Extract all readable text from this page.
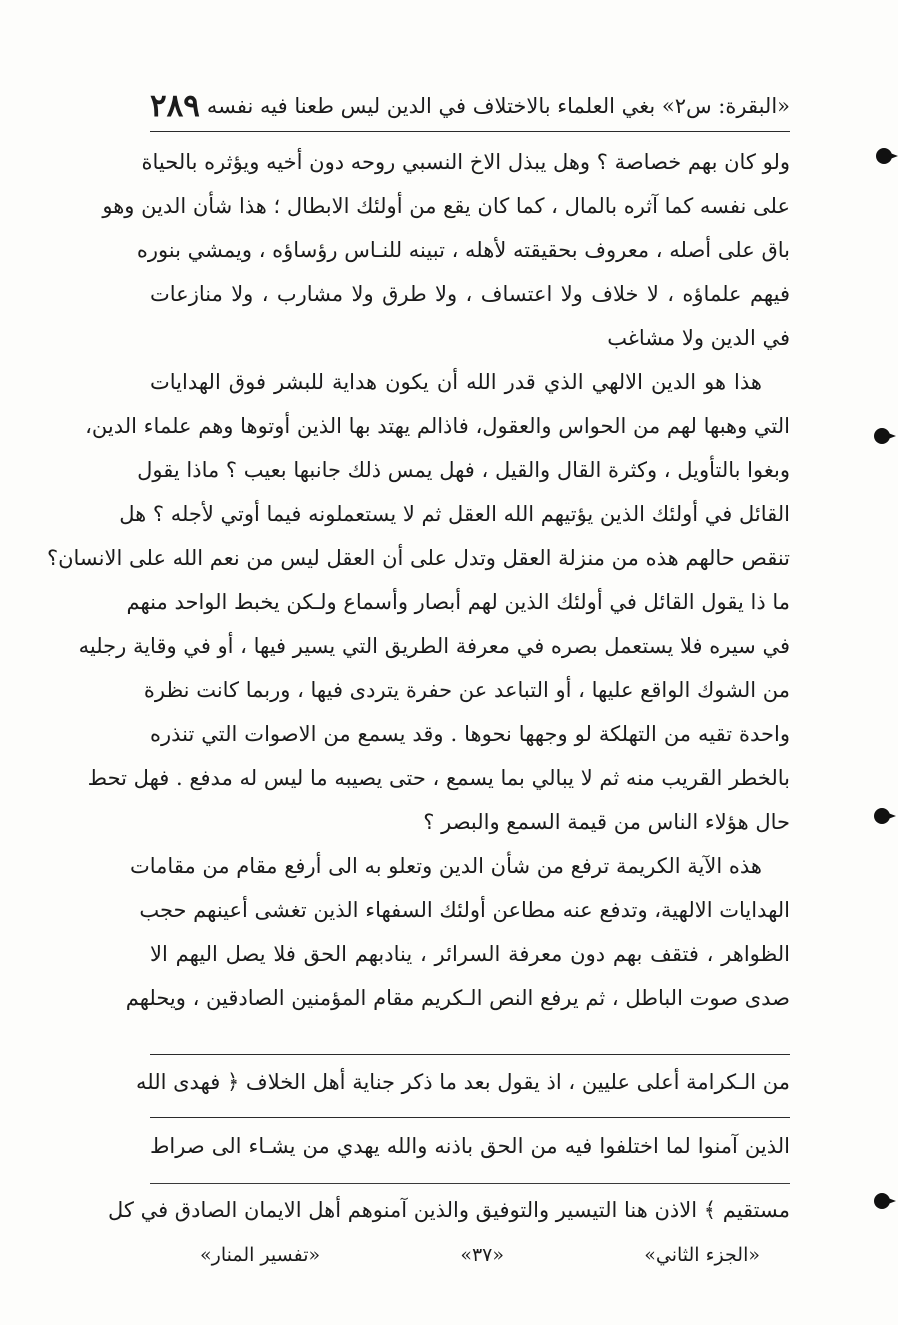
«البقرة: س٢» بغي العلماء بالاختلاف في الدين ليس طعنا فيه نفسه
٢٨٩
ولو كان بهم خصاصة ؟ وهل يبذل الاخ النسبي روحه دون أخيه ويؤثره بالحياة
على نفسه كما آثره بالمال ، كما كان يقع من أولئك الابطال ؛ هذا شأن الدين وهو
باق على أصله ، معروف بحقيقته لأهله ، تبينه للنـاس رؤساؤه ، ويمشي بنوره
فيهم علماؤه ، لا خلاف ولا اعتساف ، ولا طرق ولا مشارب ، ولا منازعات
في الدين ولا مشاغب
هذا هو الدين الالهي الذي قدر الله أن يكون هداية للبشر فوق الهدايات
التي وهبها لهم من الحواس والعقول، فاذالم يهتد بها الذين أوتوها وهم علماء الدين،
وبغوا بالتأويل ، وكثرة القال والقيل ، فهل يمس ذلك جانبها بعيب ؟ ماذا يقول
القائل في أولئك الذين يؤتيهم الله العقل ثم لا يستعملونه فيما أوتي لأجله ؟ هل
تنقص حالهم هذه من منزلة العقل وتدل على أن العقل ليس من نعم الله على الانسان؟
ما ذا يقول القائل في أولئك الذين لهم أبصار وأسماع ولـكن يخبط الواحد منهم
في سيره فلا يستعمل بصره في معرفة الطريق التي يسير فيها ، أو في وقاية رجليه
من الشوك الواقع عليها ، أو التباعد عن حفرة يتردى فيها ، وربما كانت نظرة
واحدة تقيه من التهلكة لو وجهها نحوها . وقد يسمع من الاصوات التي تنذره
بالخطر القريب منه ثم لا يبالي بما يسمع ، حتى يصيبه ما ليس له مدفع . فهل تحط
حال هؤلاء الناس من قيمة السمع والبصر ؟
هذه الآية الكريمة ترفع من شأن الدين وتعلو به الى أرفع مقام من مقامات
الهدايات الالهية، وتدفع عنه مطاعن أولئك السفهاء الذين تغشى أعينهم حجب
الظواهر ، فتقف بهم دون معرفة السرائر ، ينادبهم الحق فلا يصل اليهم الا
صدى صوت الباطل ، ثم يرفع النص الـكريم مقام المؤمنين الصادقين ، ويحلهم
من الـكرامة أعلى عليين ، اذ يقول بعد ما ذكر جناية أهل الخلاف ﴿ فهدى الله
الذين آمنوا لما اختلفوا فيه من الحق باذنه والله يهدي من يشـاء الى صراط
مستقيم ﴾ الاذن هنا التيسير والتوفيق والذين آمنوهم أهل الايمان الصادق في كل
«الجزء الثاني»
«٣٧»
«تفسير المنار»
